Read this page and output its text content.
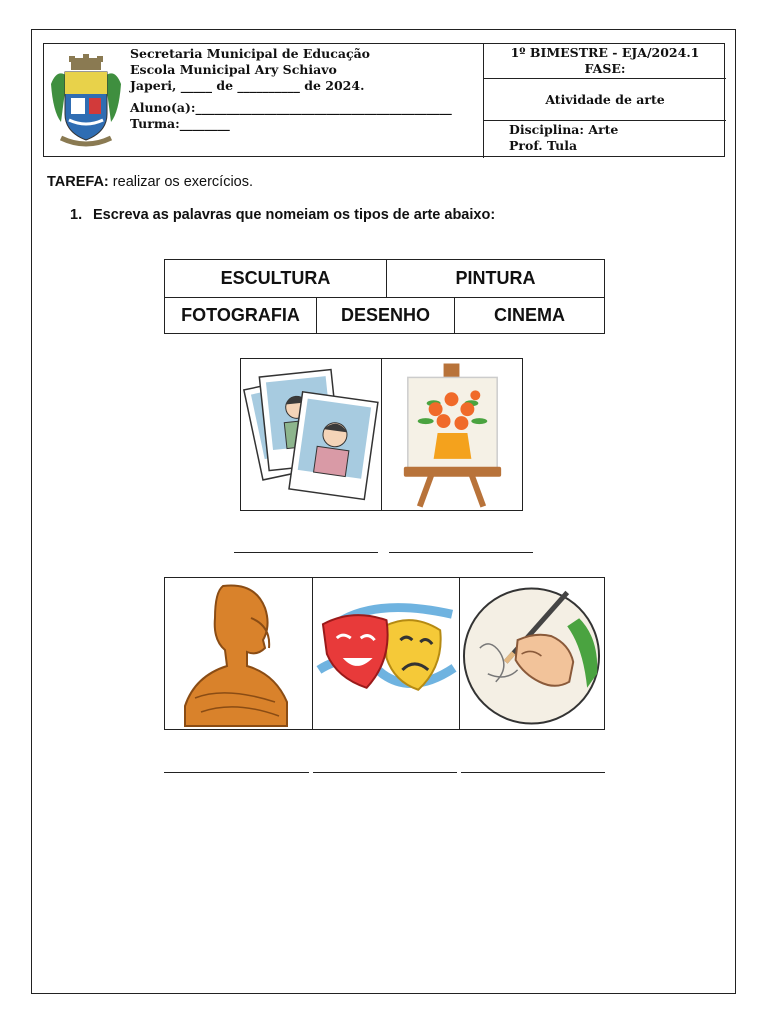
Secretaria Municipal de Educação
Escola Municipal Ary Schiavo
Japeri, _____ de __________ de 2024.
Aluno(a):_________________________________________
Turma:________
1º BIMESTRE - EJA/2024.1
FASE:
Atividade de arte
Disciplina: Arte
Prof. Tula
TAREFA: realizar os exercícios.
1. Escreva as palavras que nomeiam os tipos de arte abaixo:
ESCULTURA	PINTURA
FOTOGRAFIA	DESENHO	CINEMA
